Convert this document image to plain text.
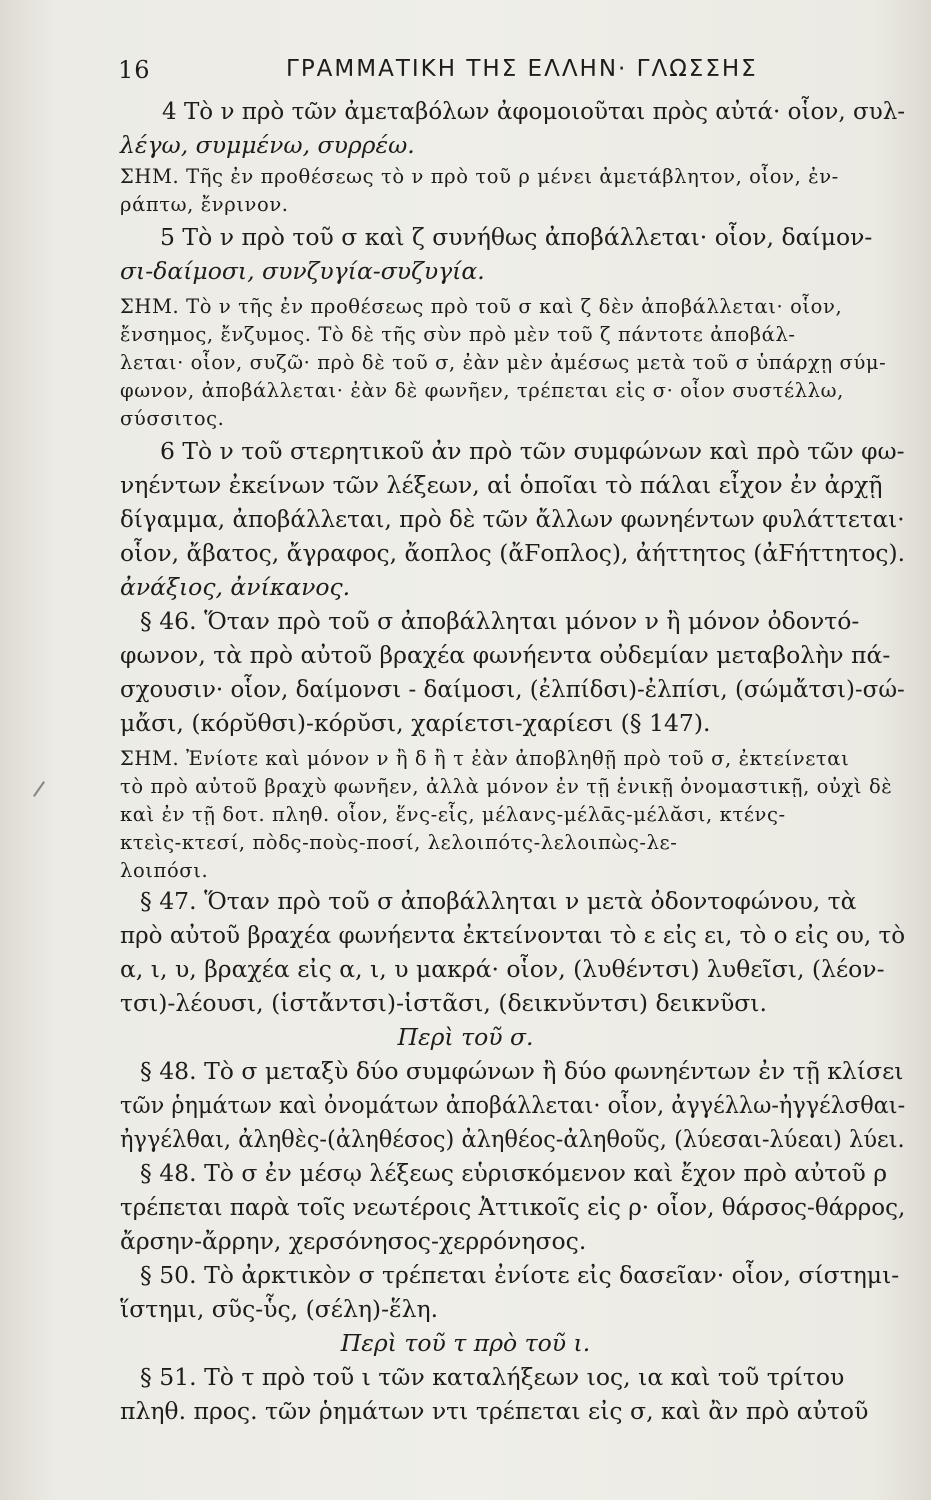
16	ΓΡΑΜΜΑΤΙΚΗ ΤΗΣ ΕΛΛΗΝ· ΓΛΩΣΣΗΣ
4 Τὸ ν πρὸ τῶν ἀμεταβόλων ἀφομοιοῦται πρὸς αὐτά· οἷον, συλ-
λέγω, συμμένω, συρρέω.
ΣΗΜ. Τῆς ἐν προθέσεως τὸ ν πρὸ τοῦ ρ μένει ἀμετάβλητον, οἷον, ἐν-
ράπτω, ἔνρινον.
5 Τὸ ν πρὸ τοῦ σ καὶ ζ συνήθως ἀποβάλλεται· οἷον, δαίμον-
σι-δαίμοσι, συνζυγία-συζυγία.
ΣΗΜ. Τὸ ν τῆς ἐν προθέσεως πρὸ τοῦ σ καὶ ζ δὲν ἀποβάλλεται· οἷον,
ἔνσημος, ἔνζυμος. Τὸ δὲ τῆς σὺν πρὸ μὲν τοῦ ζ πάντοτε ἀποβάλ-
λεται· οἷον, συζῶ· πρὸ δὲ τοῦ σ, ἐὰν μὲν ἀμέσως μετὰ τοῦ σ ὑπάρχῃ σύμ-
φωνον, ἀποβάλλεται· ἐὰν δὲ φωνῆεν, τρέπεται εἰς σ· οἷον συστέλλω,
σύσσιτος.
6 Τὸ ν τοῦ στερητικοῦ ἀν πρὸ τῶν συμφώνων καὶ πρὸ τῶν φω-
νηέντων ἐκείνων τῶν λέξεων, αἱ ὁποῖαι τὸ πάλαι εἶχον ἐν ἀρχῇ
δίγαμμα, ἀποβάλλεται, πρὸ δὲ τῶν ἄλλων φωνηέντων φυλάττεται·
οἷον, ἄβατος, ἄγραφος, ἄοπλος (ἄϜοπλος), ἀήττητος (ἀϜήττητος).
ἀνάξιος, ἀνίκανος.
§ 46. Ὅταν πρὸ τοῦ σ ἀποβάλληται μόνον ν ἢ μόνον ὀδοντό-
φωνον, τὰ πρὸ αὐτοῦ βραχέα φωνήεντα οὐδεμίαν μεταβολὴν πά-
σχουσιν· οἷον, δαίμονσι - δαίμοσι, (ἐλπίδσι)-ἐλπίσι, (σώμἄτσι)-σώ-
μἄσι, (κόρῠθσι)-κόρῠσι, χαρίετσι-χαρίεσι (§ 147).
ΣΗΜ. Ἐνίοτε καὶ μόνον ν ἢ δ ἢ τ ἐὰν ἀποβληθῇ πρὸ τοῦ σ, ἐκτείνεται
τὸ πρὸ αὐτοῦ βραχὺ φωνῆεν, ἀλλὰ μόνον ἐν τῇ ἑνικῇ ὀνομαστικῇ, οὐχὶ δὲ
καὶ ἐν τῇ δοτ. πληθ. οἷον, ἕνς-εἷς, μέλανς-μέλᾱς-μέλᾰσι, κτένς-
κτεὶς-κτεσί, πὸδς-ποὺς-ποσί, λελοιπότς-λελοιπὼς-λε-
λοιπόσι.
§ 47. Ὅταν πρὸ τοῦ σ ἀποβάλληται ν μετὰ ὀδοντοφώνου, τὰ
πρὸ αὐτοῦ βραχέα φωνήεντα ἐκτείνονται τὸ ε εἰς ει, τὸ ο εἰς ου, τὸ
α, ι, υ, βραχέα εἰς α, ι, υ μακρά· οἷον, (λυθέντσι) λυθεῖσι, (λέον-
τσι)-λέουσι, (ἱστἄντσι)-ἱστᾶσι, (δεικνῠντσι) δεικνῦσι.
Περὶ τοῦ σ.
§ 48. Τὸ σ μεταξὺ δύο συμφώνων ἢ δύο φωνηέντων ἐν τῇ κλίσει
τῶν ῥημάτων καὶ ὀνομάτων ἀποβάλλεται· οἷον, ἀγγέλλω-ἠγγέλσθαι-
ἠγγέλθαι, ἀληθὲς-(ἀληθέσος) ἀληθέος-ἀληθοῦς, (λύεσαι-λύεαι) λύει.
§ 48. Τὸ σ ἐν μέσῳ λέξεως εὑρισκόμενον καὶ ἔχον πρὸ αὐτοῦ ρ
τρέπεται παρὰ τοῖς νεωτέροις Ἀττικοῖς εἰς ρ· οἷον, θάρσος-θάρρος,
ἄρσην-ἄρρην, χερσόνησος-χερρόνησος.
§ 50. Τὸ ἀρκτικὸν σ τρέπεται ἐνίοτε εἰς δασεῖαν· οἷον, σίστημι-
ἵστημι, σῦς-ὗς, (σέλη)-ἕλη.
Περὶ τοῦ τ πρὸ τοῦ ι.
§ 51. Τὸ τ πρὸ τοῦ ι τῶν καταλήξεων ιος, ια καὶ τοῦ τρίτου
πληθ. προς. τῶν ῥημάτων ντι τρέπεται εἰς σ, καὶ ἂν πρὸ αὐτοῦ
